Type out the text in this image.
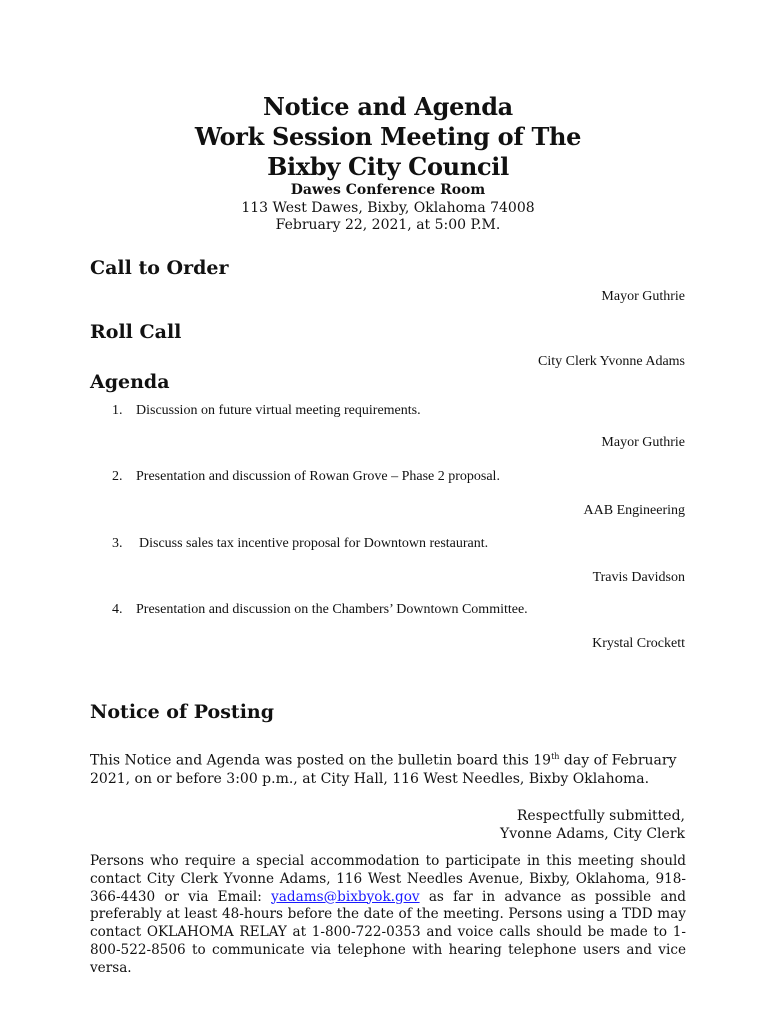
Notice and Agenda
Work Session Meeting of The
Bixby City Council
Dawes Conference Room
113 West Dawes, Bixby, Oklahoma 74008
February 22, 2021, at 5:00 P.M.
Call to Order
Mayor Guthrie
Roll Call
City Clerk Yvonne Adams
Agenda
1. Discussion on future virtual meeting requirements.
Mayor Guthrie
2. Presentation and discussion of Rowan Grove – Phase 2 proposal.
AAB Engineering
3. Discuss sales tax incentive proposal for Downtown restaurant.
Travis Davidson
4. Presentation and discussion on the Chambers’ Downtown Committee.
Krystal Crockett
Notice of Posting
This Notice and Agenda was posted on the bulletin board this 19th day of February 2021, on or before 3:00 p.m., at City Hall, 116 West Needles, Bixby Oklahoma.
Respectfully submitted,
Yvonne Adams, City Clerk
Persons who require a special accommodation to participate in this meeting should contact City Clerk Yvonne Adams, 116 West Needles Avenue, Bixby, Oklahoma, 918-366-4430 or via Email: yadams@bixbyok.gov as far in advance as possible and preferably at least 48-hours before the date of the meeting. Persons using a TDD may contact OKLAHOMA RELAY at 1-800-722-0353 and voice calls should be made to 1-800-522-8506 to communicate via telephone with hearing telephone users and vice versa.
